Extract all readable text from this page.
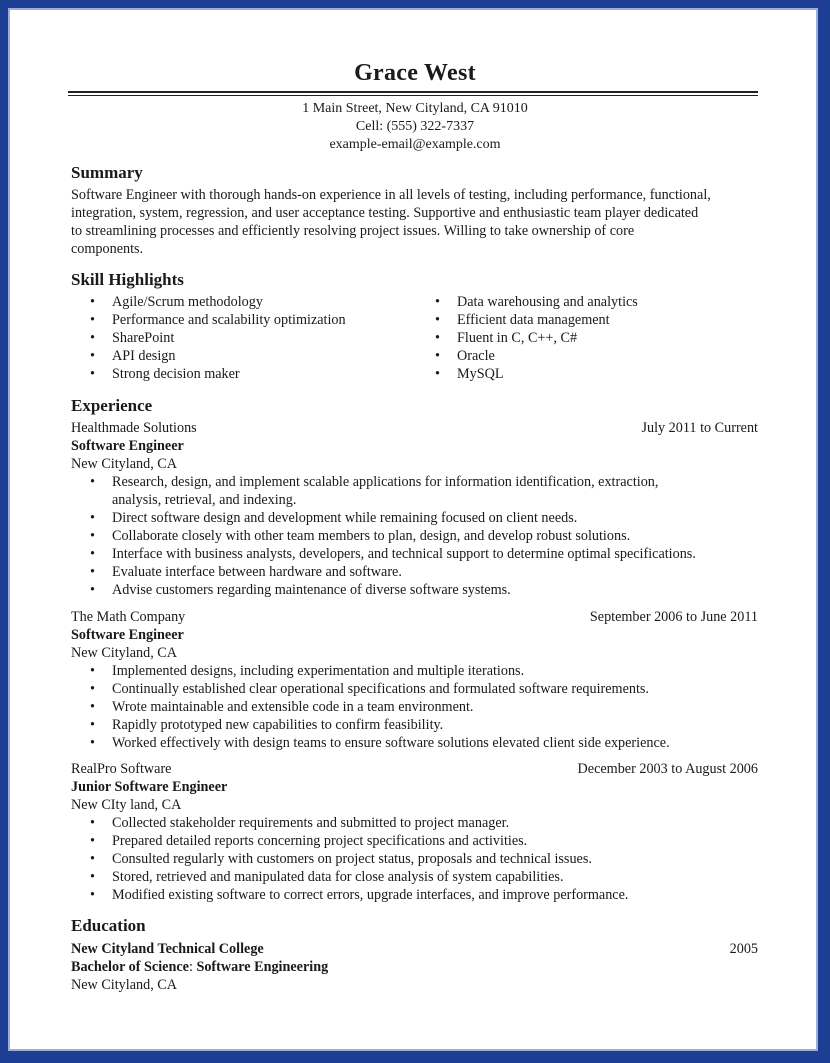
Grace West
1 Main Street, New Cityland, CA 91010
Cell: (555) 322-7337
example-email@example.com
Summary
Software Engineer with thorough hands-on experience in all levels of testing, including performance, functional,
integration, system, regression, and user acceptance testing. Supportive and enthusiastic team player dedicated
to streamlining processes and efficiently resolving project issues. Willing to take ownership of core
components.
Skill Highlights
• Agile/Scrum methodology
• Performance and scalability optimization
• SharePoint
• API design
• Strong decision maker
• Data warehousing and analytics
• Efficient data management
• Fluent in C, C++, C#
• Oracle
• MySQL
Experience
Healthmade Solutions	July 2011 to Current
Software Engineer
New Cityland, CA
• Research, design, and implement scalable applications for information identification, extraction,
analysis, retrieval, and indexing.
• Direct software design and development while remaining focused on client needs.
• Collaborate closely with other team members to plan, design, and develop robust solutions.
• Interface with business analysts, developers, and technical support to determine optimal specifications.
• Evaluate interface between hardware and software.
• Advise customers regarding maintenance of diverse software systems.
The Math Company	September 2006 to June 2011
Software Engineer
New Cityland, CA
• Implemented designs, including experimentation and multiple iterations.
• Continually established clear operational specifications and formulated software requirements.
• Wrote maintainable and extensible code in a team environment.
• Rapidly prototyped new capabilities to confirm feasibility.
• Worked effectively with design teams to ensure software solutions elevated client side experience.
RealPro Software	December 2003 to August 2006
Junior Software Engineer
New CIty land, CA
• Collected stakeholder requirements and submitted to project manager.
• Prepared detailed reports concerning project specifications and activities.
• Consulted regularly with customers on project status, proposals and technical issues.
• Stored, retrieved and manipulated data for close analysis of system capabilities.
• Modified existing software to correct errors, upgrade interfaces, and improve performance.
Education
New Cityland Technical College	2005
Bachelor of Science: Software Engineering
New Cityland, CA
